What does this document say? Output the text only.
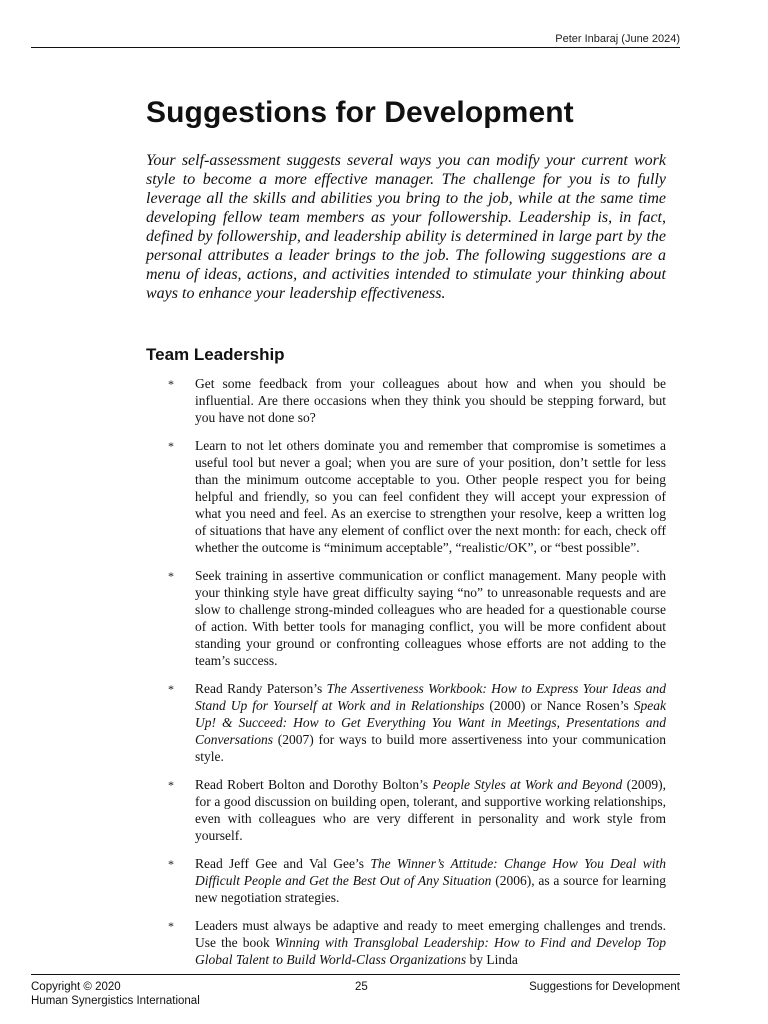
Peter Inbaraj (June 2024)
Suggestions for Development

Your self-assessment suggests several ways you can modify your current work style to become a more effective manager. The challenge for you is to fully leverage all the skills and abilities you bring to the job, while at the same time developing fellow team members as your followership. Leadership is, in fact, defined by followership, and leadership ability is determined in large part by the personal attributes a leader brings to the job. The following suggestions are a menu of ideas, actions, and activities intended to stimulate your thinking about ways to enhance your leadership effectiveness.

Team Leadership
* Get some feedback from your colleagues about how and when you should be influential. Are there occasions when they think you should be stepping forward, but you have not done so?
* Learn to not let others dominate you and remember that compromise is sometimes a useful tool but never a goal; when you are sure of your position, don’t settle for less than the minimum outcome acceptable to you. Other people respect you for being helpful and friendly, so you can feel confident they will accept your expression of what you need and feel. As an exercise to strengthen your resolve, keep a written log of situations that have any element of conflict over the next month: for each, check off whether the outcome is “minimum acceptable”, “realistic/OK”, or “best possible”.
* Seek training in assertive communication or conflict management. Many people with your thinking style have great difficulty saying “no” to unreasonable requests and are slow to challenge strong-minded colleagues who are headed for a questionable course of action. With better tools for managing conflict, you will be more confident about standing your ground or confronting colleagues whose efforts are not adding to the team’s success.
* Read Randy Paterson’s The Assertiveness Workbook: How to Express Your Ideas and Stand Up for Yourself at Work and in Relationships (2000) or Nance Rosen’s Speak Up! & Succeed: How to Get Everything You Want in Meetings, Presentations and Conversations (2007) for ways to build more assertiveness into your communication style.
* Read Robert Bolton and Dorothy Bolton’s People Styles at Work and Beyond (2009), for a good discussion on building open, tolerant, and supportive working relationships, even with colleagues who are very different in personality and work style from yourself.
* Read Jeff Gee and Val Gee’s The Winner’s Attitude: Change How You Deal with Difficult People and Get the Best Out of Any Situation (2006), as a source for learning new negotiation strategies.
* Leaders must always be adaptive and ready to meet emerging challenges and trends. Use the book Winning with Transglobal Leadership: How to Find and Develop Top Global Talent to Build World-Class Organizations by Linda
Copyright © 2020
Human Synergistics International
25	Suggestions for Development
